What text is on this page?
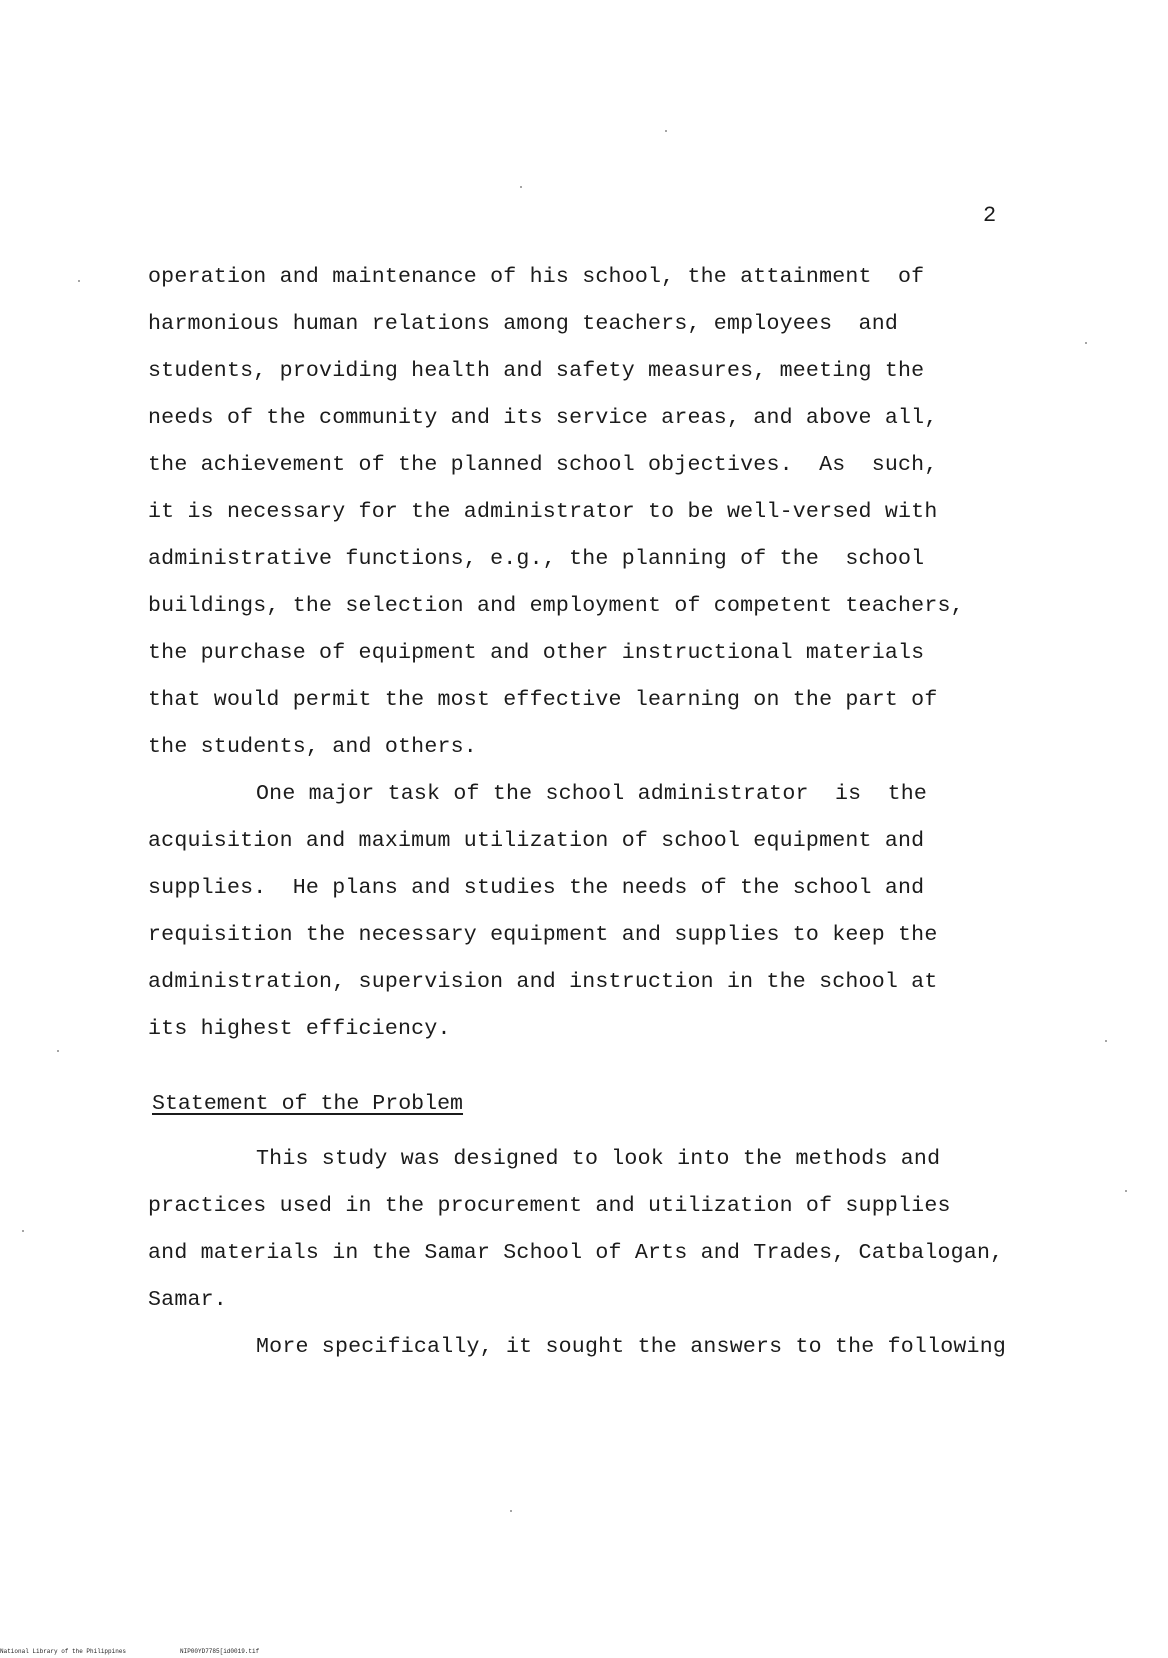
2
operation and maintenance of his school, the attainment  of
harmonious human relations among teachers, employees  and
students, providing health and safety measures, meeting the
needs of the community and its service areas, and above all,
the achievement of the planned school objectives.  As  such,
it is necessary for the administrator to be well-versed with
administrative functions, e.g., the planning of the  school
buildings, the selection and employment of competent teachers,
the purchase of equipment and other instructional materials
that would permit the most effective learning on the part of
the students, and others.
One major task of the school administrator  is  the
acquisition and maximum utilization of school equipment and
supplies.  He plans and studies the needs of the school and
requisition the necessary equipment and supplies to keep the
administration, supervision and instruction in the school at
its highest efficiency.
Statement of the Problem
This study was designed to look into the methods and
practices used in the procurement and utilization of supplies
and materials in the Samar School of Arts and Trades, Catbalogan,
Samar.
More specifically, it sought the answers to the following
National Library of the Philippines	NIP00YD7785[id0019.tif
